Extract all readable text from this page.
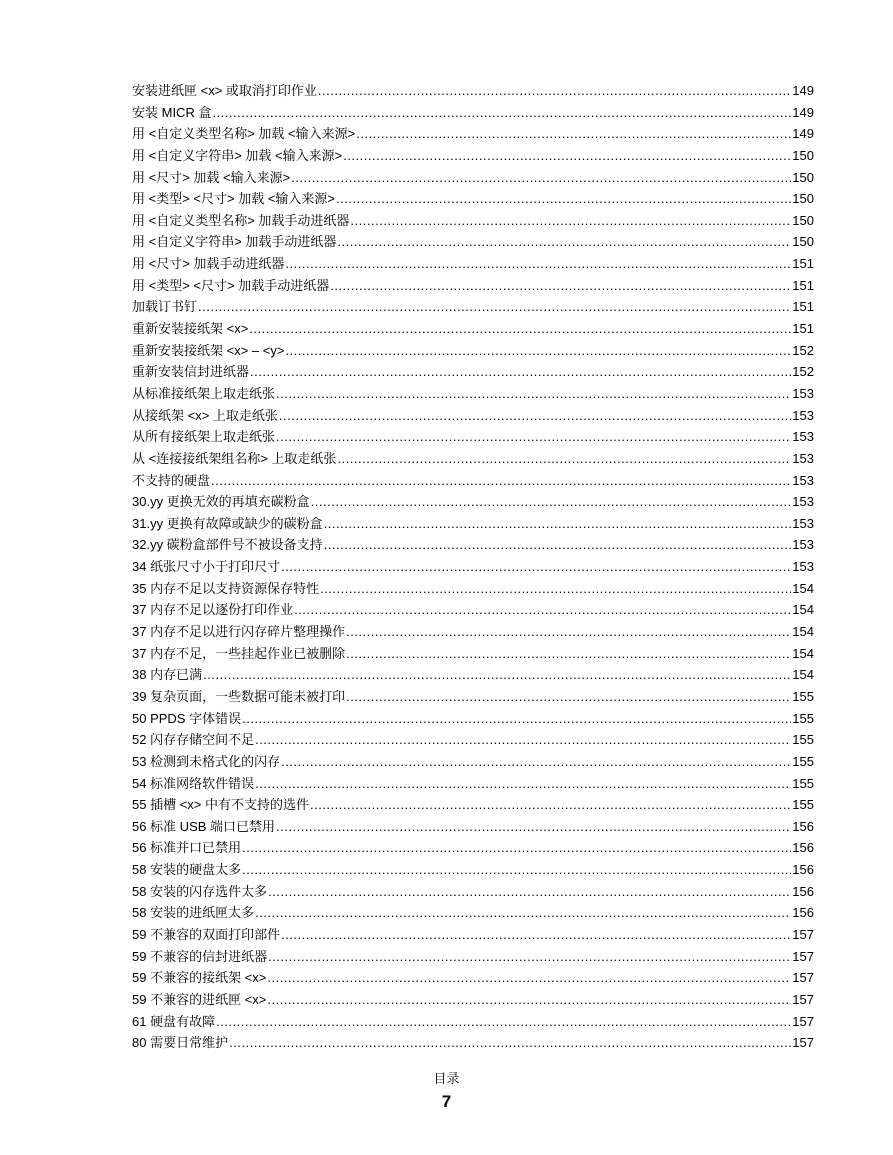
安装进纸匣 <x> 或取消打印作业 .....	149
安装 MICR 盒 .....	149
用 <自定义类型名称> 加载 <输入来源> .....	149
用 <自定义字符串> 加载 <输入来源> .....	150
用 <尺寸> 加载 <输入来源> .....	150
用 <类型> <尺寸> 加载 <输入来源> .....	150
用 <自定义类型名称> 加载手动进纸器 .....	150
用 <自定义字符串> 加载手动进纸器 .....	150
用 <尺寸> 加载手动进纸器 .....	151
用 <类型> <尺寸> 加载手动进纸器 .....	151
加载订书钉 .....	151
重新安装接纸架 <x> .....	151
重新安装接纸架 <x> – <y> .....	152
重新安装信封进纸器 .....	152
从标准接纸架上取走纸张 .....	153
从接纸架 <x> 上取走纸张 .....	153
从所有接纸架上取走纸张 .....	153
从 <连接接纸架组名称> 上取走纸张 .....	153
不支持的硬盘 .....	153
30.yy 更换无效的再填充碳粉盒 .....	153
31.yy 更换有故障或缺少的碳粉盒 .....	153
32.yy 碳粉盒部件号不被设备支持 .....	153
34 纸张尺寸小于打印尺寸 .....	153
35 内存不足以支持资源保存特性 .....	154
37 内存不足以逐份打印作业 .....	154
37 内存不足以进行闪存碎片整理操作 .....	154
37 内存不足，一些挂起作业已被删除 .....	154
38 内存已满 .....	154
39 复杂页面，一些数据可能未被打印 .....	155
50 PPDS 字体错误 .....	155
52 闪存存储空间不足 .....	155
53 检测到未格式化的闪存 .....	155
54 标准网络软件错误 .....	155
55 插槽 <x> 中有不支持的选件 .....	155
56 标准 USB 端口已禁用 .....	156
56 标准并口已禁用 .....	156
58 安装的硬盘太多 .....	156
58 安装的闪存选件太多 .....	156
58 安装的进纸匣太多 .....	156
59 不兼容的双面打印部件 .....	157
59 不兼容的信封进纸器 .....	157
59 不兼容的接纸架 <x> .....	157
59 不兼容的进纸匣 <x> .....	157
61 硬盘有故障 .....	157
80 需要日常维护 .....	157
目录
7
